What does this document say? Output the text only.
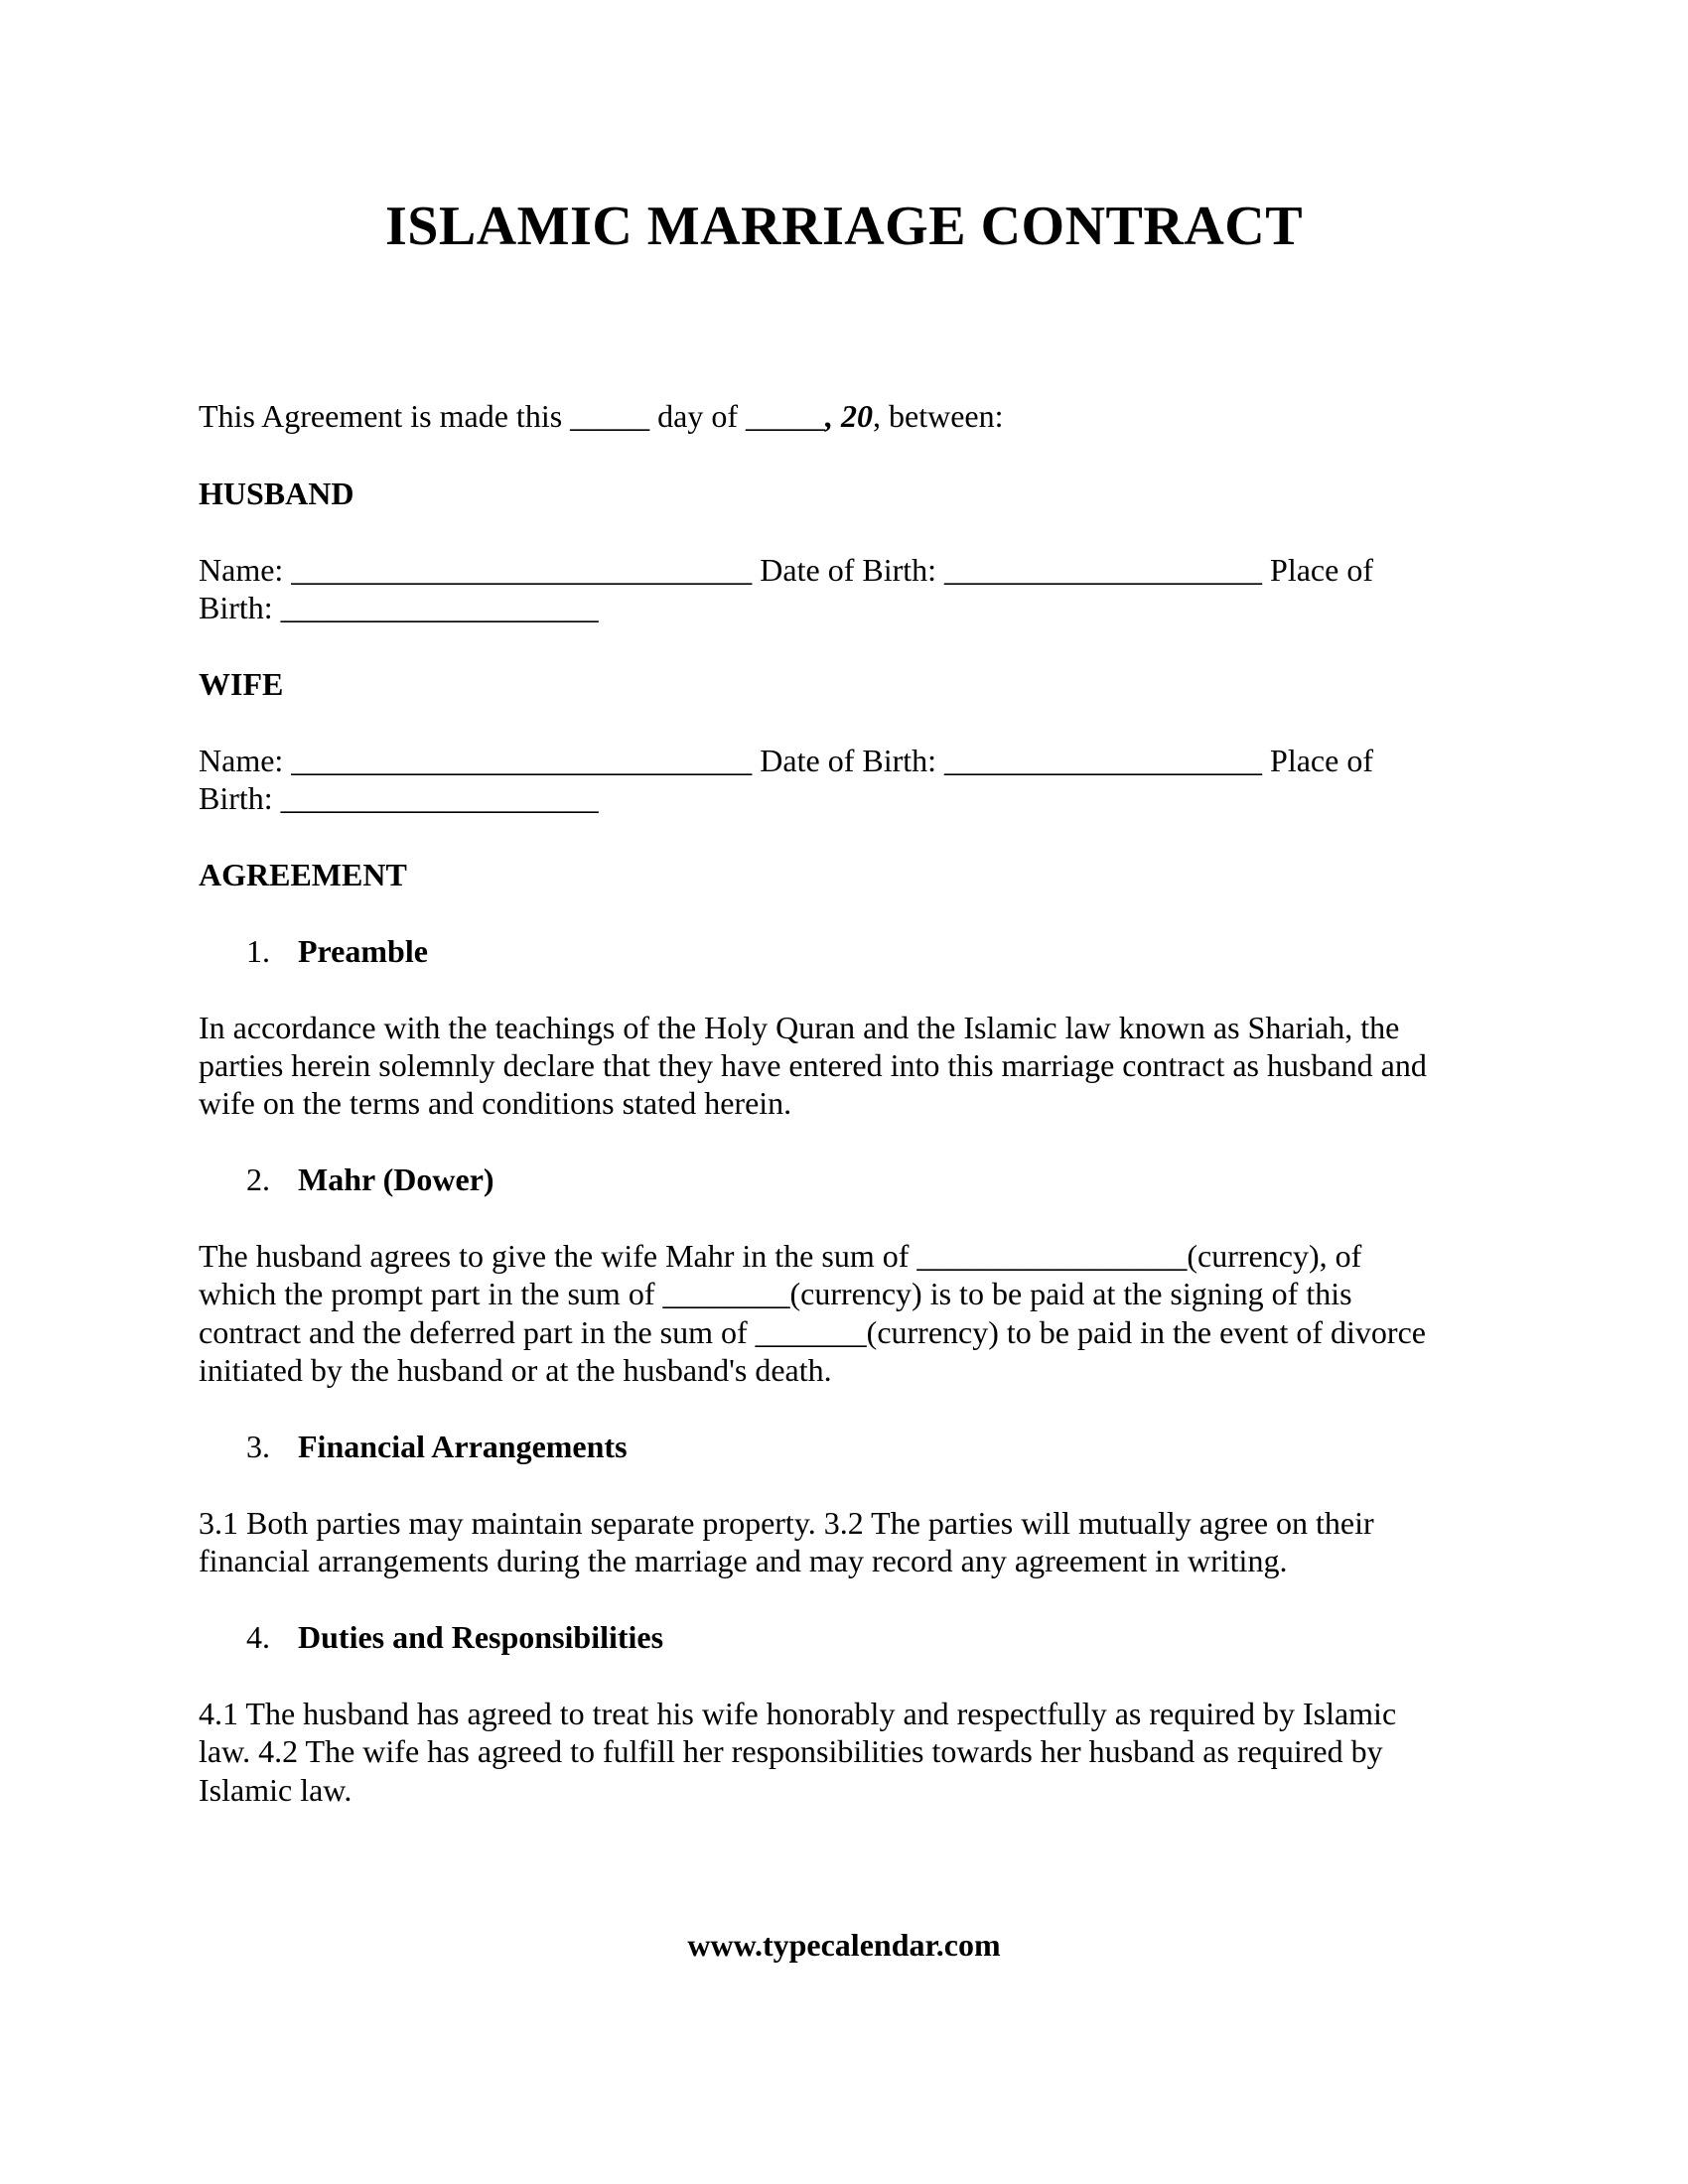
ISLAMIC MARRIAGE CONTRACT

This Agreement is made this _____ day of _____, 20, between:

HUSBAND

Name: _____________________________ Date of Birth: ____________________ Place of

Birth: ____________________

WIFE

Name: _____________________________ Date of Birth: ____________________ Place of

Birth: ____________________

AGREEMENT

1. Preamble

In accordance with the teachings of the Holy Quran and the Islamic law known as Shariah, the

parties herein solemnly declare that they have entered into this marriage contract as husband and

wife on the terms and conditions stated herein.

2. Mahr (Dower)

The husband agrees to give the wife Mahr in the sum of _________________(currency), of

which the prompt part in the sum of ________(currency) is to be paid at the signing of this

contract and the deferred part in the sum of _______(currency) to be paid in the event of divorce

initiated by the husband or at the husband's death.

3. Financial Arrangements

3.1 Both parties may maintain separate property. 3.2 The parties will mutually agree on their

financial arrangements during the marriage and may record any agreement in writing.

4. Duties and Responsibilities

4.1 The husband has agreed to treat his wife honorably and respectfully as required by Islamic

law. 4.2 The wife has agreed to fulfill her responsibilities towards her husband as required by

Islamic law.

www.typecalendar.com
